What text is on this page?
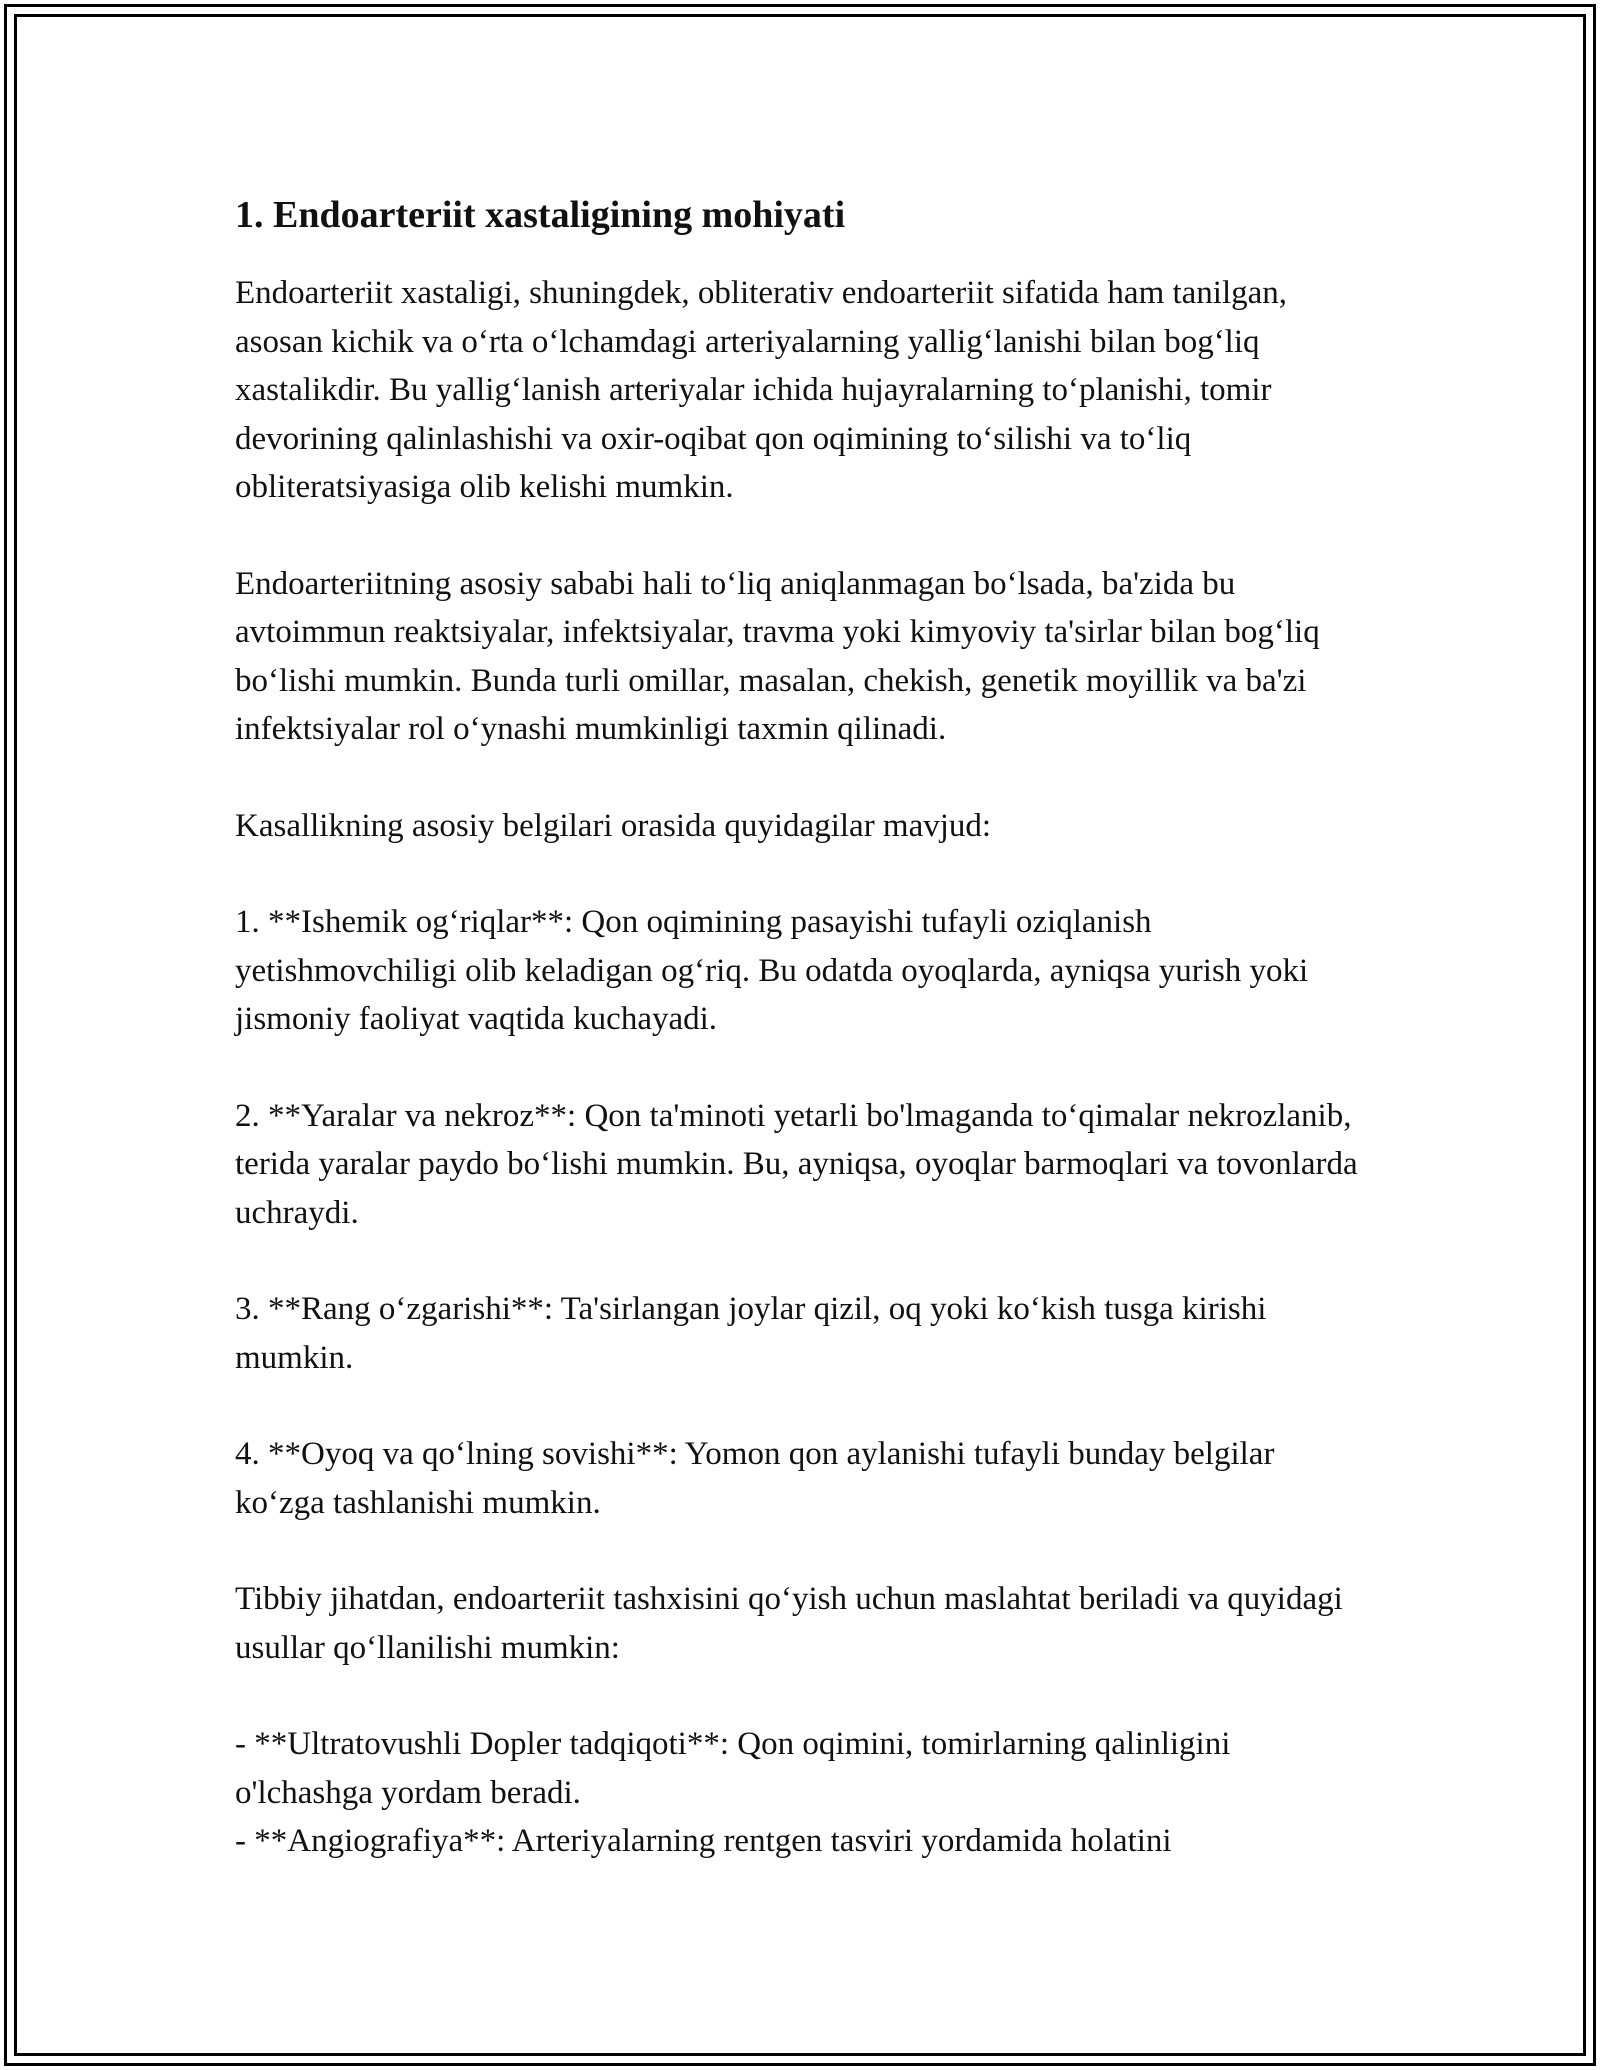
1. Endoarteriit xastaligining mohiyati

Endoarteriit xastaligi, shuningdek, obliterativ endoarteriit sifatida ham tanilgan, asosan kichik va o‘rta o‘lchamdagi arteriyalarning yallig‘lanishi bilan bog‘liq xastalikdir. Bu yallig‘lanish arteriyalar ichida hujayralarning to‘planishi, tomir devorining qalinlashishi va oxir-oqibat qon oqimining to‘silishi va to‘liq obliteratsiyasiga olib kelishi mumkin.

Endoarteriitning asosiy sababi hali to‘liq aniqlanmagan bo‘lsada, ba'zida bu avtoimmun reaktsiyalar, infektsiyalar, travma yoki kimyoviy ta'sirlar bilan bog‘liq bo‘lishi mumkin. Bunda turli omillar, masalan, chekish, genetik moyillik va ba'zi infektsiyalar rol o‘ynashi mumkinligi taxmin qilinadi.

Kasallikning asosiy belgilari orasida quyidagilar mavjud:

1. **Ishemik og‘riqlar**: Qon oqimining pasayishi tufayli oziqlanish yetishmovchiligi olib keladigan og‘riq. Bu odatda oyoqlarda, ayniqsa yurish yoki jismoniy faoliyat vaqtida kuchayadi.

2. **Yaralar va nekroz**: Qon ta'minoti yetarli bo'lmaganda to‘qimalar nekrozlanib, terida yaralar paydo bo‘lishi mumkin. Bu, ayniqsa, oyoqlar barmoqlari va tovonlarda uchraydi.

3. **Rang o‘zgarishi**: Ta'sirlangan joylar qizil, oq yoki ko‘kish tusga kirishi mumkin.

4. **Oyoq va qo‘lning sovishi**: Yomon qon aylanishi tufayli bunday belgilar ko‘zga tashlanishi mumkin.

Tibbiy jihatdan, endoarteriit tashxisini qo‘yish uchun maslahtat beriladi va quyidagi usullar qo‘llanilishi mumkin:

- **Ultratovushli Dopler tadqiqoti**: Qon oqimini, tomirlarning qalinligini o'lchashga yordam beradi.

- **Angiografiya**: Arteriyalarning rentgen tasviri yordamida holatini
